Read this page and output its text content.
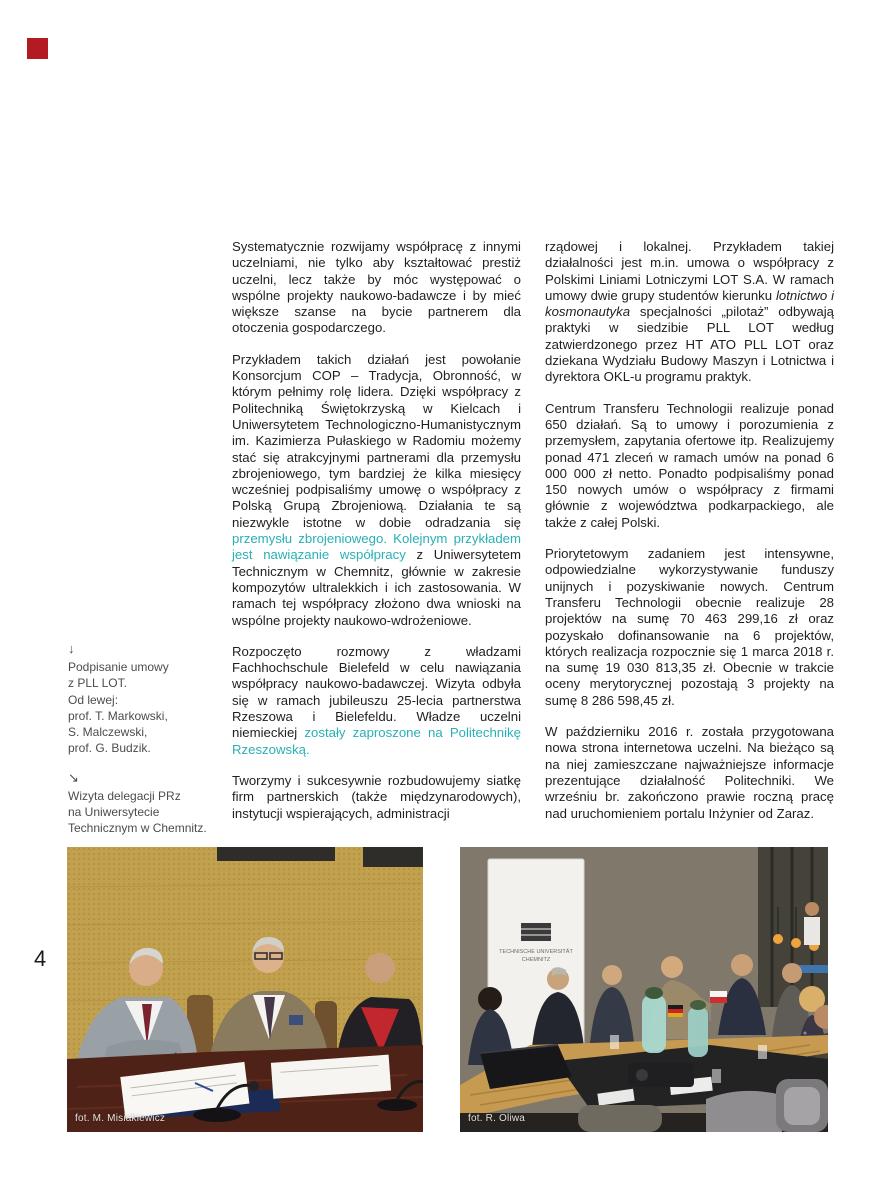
Systematycznie rozwijamy współpracę z innymi uczelniami, nie tylko aby kształtować prestiż uczelni, lecz także by móc występować o wspólne projekty naukowo-badawcze i by mieć większe szanse na bycie partnerem dla otoczenia gospodarczego.

Przykładem takich działań jest powołanie Konsorcjum COP – Tradycja, Obronność, w którym pełnimy rolę lidera. Dzięki współpracy z Politechniką Świętokrzyską w Kielcach i Uniwersytetem Technologiczno-Humanistycznym im. Kazimierza Pułaskiego w Radomiu możemy stać się atrakcyjnymi partnerami dla przemysłu zbrojeniowego, tym bardziej że kilka miesięcy wcześniej podpisaliśmy umowę o współpracy z Polską Grupą Zbrojeniową. Działania te są niezwykle istotne w dobie odradzania się przemysłu zbrojeniowego. Kolejnym przykładem jest nawiązanie współpracy z Uniwersytetem Technicznym w Chemnitz, głównie w zakresie kompozytów ultralekkich i ich zastosowania. W ramach tej współpracy złożono dwa wnioski na wspólne projekty naukowo-wdrożeniowe.

Rozpoczęto rozmowy z władzami Fachhochschule Bielefeld w celu nawiązania współpracy naukowo-badawczej. Wizyta odbyła się w ramach jubileuszu 25-lecia partnerstwa Rzeszowa i Bielefeldu. Władze uczelni niemieckiej zostały zaproszone na Politechnikę Rzeszowską.

Tworzymy i sukcesywnie rozbudowujemy siatkę firm partnerskich (także międzynarodowych), instytucji wspierających, administracji

rządowej i lokalnej. Przykładem takiej działalności jest m.in. umowa o współpracy z Polskimi Liniami Lotniczymi LOT S.A. W ramach umowy dwie grupy studentów kierunku lotnictwo i kosmonautyka specjalności „pilotaż” odbywają praktyki w siedzibie PLL LOT według zatwierdzonego przez HT ATO PLL LOT oraz dziekana Wydziału Budowy Maszyn i Lotnictwa i dyrektora OKL-u programu praktyk.

Centrum Transferu Technologii realizuje ponad 650 działań. Są to umowy i porozumienia z przemysłem, zapytania ofertowe itp. Realizujemy ponad 471 zleceń w ramach umów na ponad 6 000 000 zł netto. Ponadto podpisaliśmy ponad 150 nowych umów o współpracy z firmami głównie z województwa podkarpackiego, ale także z całej Polski.

Priorytetowym zadaniem jest intensywne, odpowiedzialne wykorzystywanie funduszy unijnych i pozyskiwanie nowych. Centrum Transferu Technologii obecnie realizuje 28 projektów na sumę 70 463 299,16 zł oraz pozyskało dofinansowanie na 6 projektów, których realizacja rozpocznie się 1 marca 2018 r. na sumę 19 030 813,35 zł. Obecnie w trakcie oceny merytorycznej pozostają 3 projekty na sumę 8 286 598,45 zł.

W październiku 2016 r. została przygotowana nowa strona internetowa uczelni. Na bieżąco są na niej zamieszczane najważniejsze informacje prezentujące działalność Politechniki. We wrześniu br. zakończono prawie roczną pracę nad uruchomieniem portalu Inżynier od Zaraz.

↓
Podpisanie umowy
z PLL LOT.
Od lewej:
prof. T. Markowski,
S. Malczewski,
prof. G. Budzik.
↘
Wizyta delegacji PRz
na Uniwersytecie
Technicznym w Chemnitz.
4
fot. M. Misiakiewicz
TECHNISCHE UNIVERSITÄT
CHEMNITZ
fot. R. Oliwa
